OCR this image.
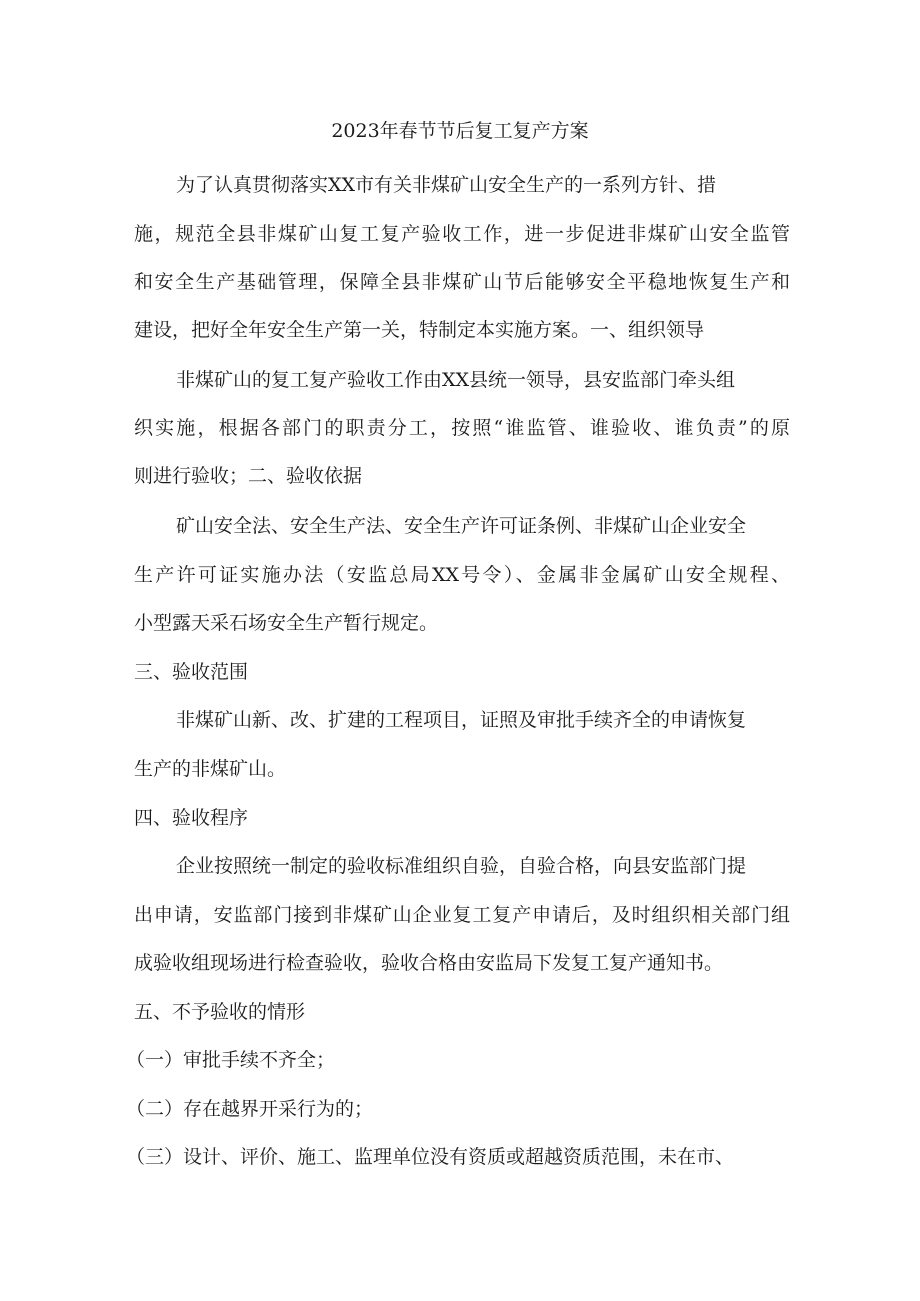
2023年春节节后复工复产方案
为了认真贯彻落实XX市有关非煤矿山安全生产的一系列方针、措
施，规范全县非煤矿山复工复产验收工作，进一步促进非煤矿山安全监管
和安全生产基础管理，保障全县非煤矿山节后能够安全平稳地恢复生产和
建设，把好全年安全生产第一关，特制定本实施方案。一、组织领导
非煤矿山的复工复产验收工作由XX县统一领导，县安监部门牵头组
织实施，根据各部门的职责分工，按照“谁监管、谁验收、谁负责”的原
则进行验收；二、验收依据
矿山安全法、安全生产法、安全生产许可证条例、非煤矿山企业安全
生产许可证实施办法（安监总局XX号令）、金属非金属矿山安全规程、
小型露天采石场安全生产暂行规定。
三、验收范围
非煤矿山新、改、扩建的工程项目，证照及审批手续齐全的申请恢复
生产的非煤矿山。
四、验收程序
企业按照统一制定的验收标准组织自验，自验合格，向县安监部门提
出申请，安监部门接到非煤矿山企业复工复产申请后，及时组织相关部门组
成验收组现场进行检查验收，验收合格由安监局下发复工复产通知书。
五、不予验收的情形
（一）审批手续不齐全；
（二）存在越界开采行为的；
（三）设计、评价、施工、监理单位没有资质或超越资质范围，未在市、
